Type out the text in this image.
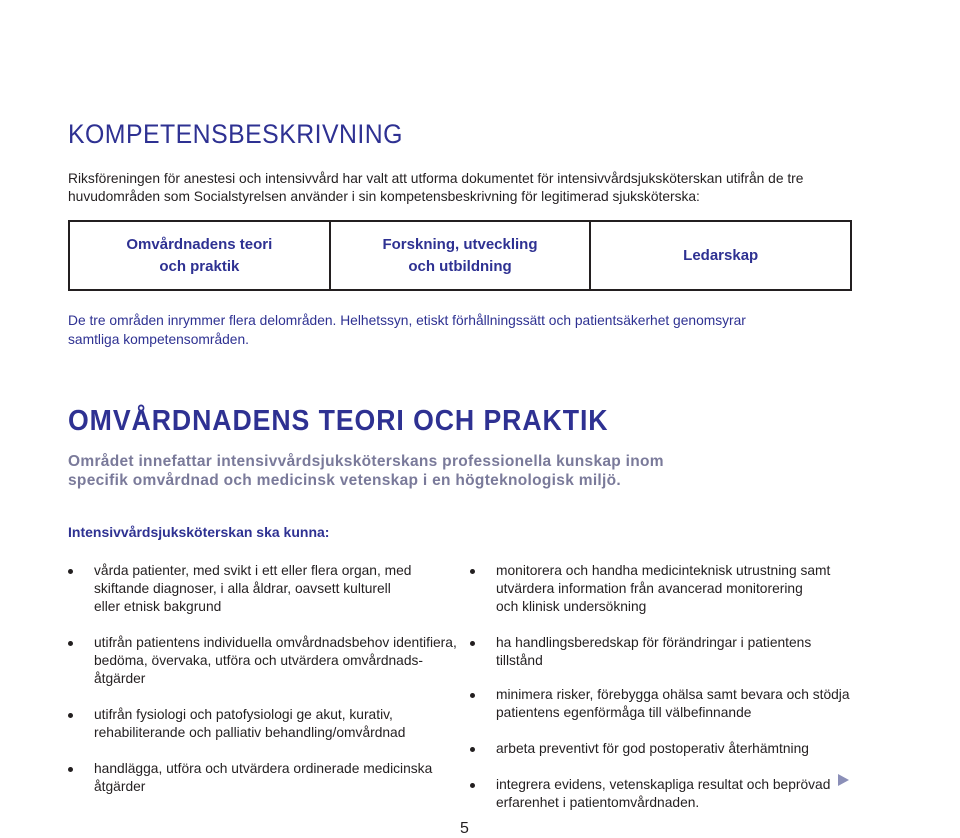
KOMPETENSBESKRIVNING

Riksföreningen för anestesi och intensivvård har valt att utforma dokumentet för intensivvårdsjuksköterskan utifrån de tre huvudområden som Socialstyrelsen använder i sin kompetensbeskrivning för legitimerad sjuksköterska:

Omvårdnadens teori
och praktik
Forskning, utveckling
och utbildning
Ledarskap

De tre områden inrymmer flera delområden. Helhetssyn, etiskt förhållningssätt och patientsäkerhet genomsyrar samtliga kompetensområden.

OMVÅRDNADENS TEORI OCH PRAKTIK

Området innefattar intensivvårdsjuksköterskans professionella kunskap inom specifik omvårdnad och medicinsk vetenskap i en högteknologisk miljö.

Intensivvårdsjuksköterskan ska kunna:
vårda patienter, med svikt i ett eller flera organ, med
skiftande diagnoser, i alla åldrar, oavsett kulturell
eller etnisk bakgrund
utifrån patientens individuella omvårdnadsbehov identifiera,
bedöma, övervaka, utföra och utvärdera omvårdnads-
åtgärder
utifrån fysiologi och patofysiologi ge akut, kurativ,
rehabiliterande och palliativ behandling/omvårdnad
handlägga, utföra och utvärdera ordinerade medicinska
åtgärder
monitorera och handha medicinteknisk utrustning samt
utvärdera information från avancerad monitorering
och klinisk undersökning
ha handlingsberedskap för förändringar i patientens tillstånd
minimera risker, förebygga ohälsa samt bevara och stödja
patientens egenförmåga till välbefinnande
arbeta preventivt för god postoperativ återhämtning
integrera evidens, vetenskapliga resultat och beprövad
erfarenhet i patientomvårdnaden.
5
